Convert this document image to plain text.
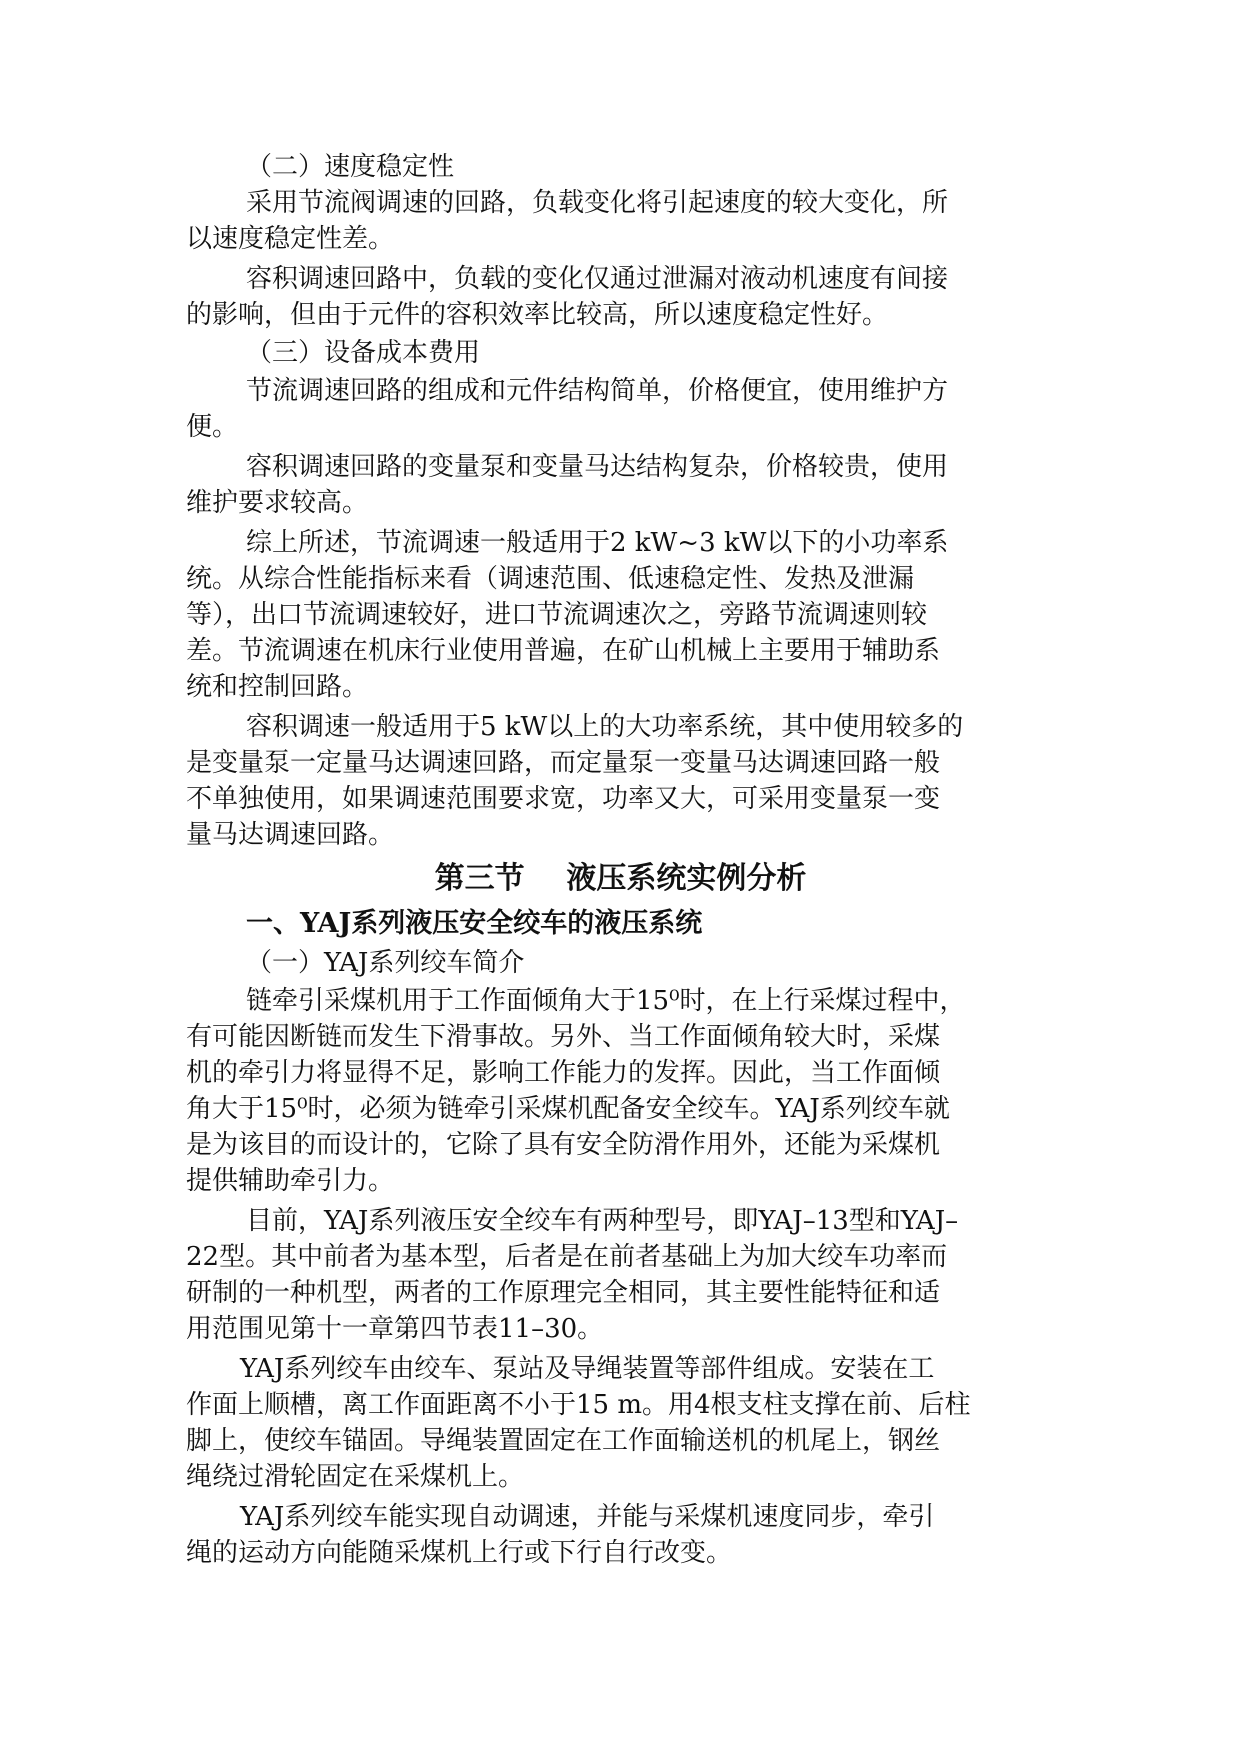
（二）速度稳定性
采用节流阀调速的回路，负载变化将引起速度的较大变化，所
以速度稳定性差。
容积调速回路中，负载的变化仅通过泄漏对液动机速度有间接
的影响，但由于元件的容积效率比较高，所以速度稳定性好。
（三）设备成本费用
节流调速回路的组成和元件结构简单，价格便宜，使用维护方
便。
容积调速回路的变量泵和变量马达结构复杂，价格较贵，使用
维护要求较高。
综上所述，节流调速一般适用于2 kW~3 kW以下的小功率系
统。从综合性能指标来看（调速范围、低速稳定性、发热及泄漏
等），出口节流调速较好，进口节流调速次之，旁路节流调速则较
差。节流调速在机床行业使用普遍，在矿山机械上主要用于辅助系
统和控制回路。
容积调速一般适用于5 kW以上的大功率系统，其中使用较多的
是变量泵一定量马达调速回路，而定量泵一变量马达调速回路一般
不单独使用，如果调速范围要求宽，功率又大，可采用变量泵一变
量马达调速回路。
第三节    液压系统实例分析
一、YAJ系列液压安全绞车的液压系统
（一）YAJ系列绞车简介
链牵引采煤机用于工作面倾角大于15⁰时，在上行采煤过程中，
有可能因断链而发生下滑事故。另外、当工作面倾角较大时，采煤
机的牵引力将显得不足，影响工作能力的发挥。因此，当工作面倾
角大于15⁰时，必须为链牵引采煤机配备安全绞车。YAJ系列绞车就
是为该目的而设计的，它除了具有安全防滑作用外，还能为采煤机
提供辅助牵引力。
目前，YAJ系列液压安全绞车有两种型号，即YAJ–13型和YAJ–
22型。其中前者为基本型，后者是在前者基础上为加大绞车功率而
研制的一种机型，两者的工作原理完全相同，其主要性能特征和适
用范围见第十一章第四节表11–30。
YAJ系列绞车由绞车、泵站及导绳装置等部件组成。安装在工
作面上顺槽，离工作面距离不小于15 m。用4根支柱支撑在前、后柱
脚上，使绞车锚固。导绳装置固定在工作面输送机的机尾上，钢丝
绳绕过滑轮固定在采煤机上。
YAJ系列绞车能实现自动调速，并能与采煤机速度同步，牵引
绳的运动方向能随采煤机上行或下行自行改变。
